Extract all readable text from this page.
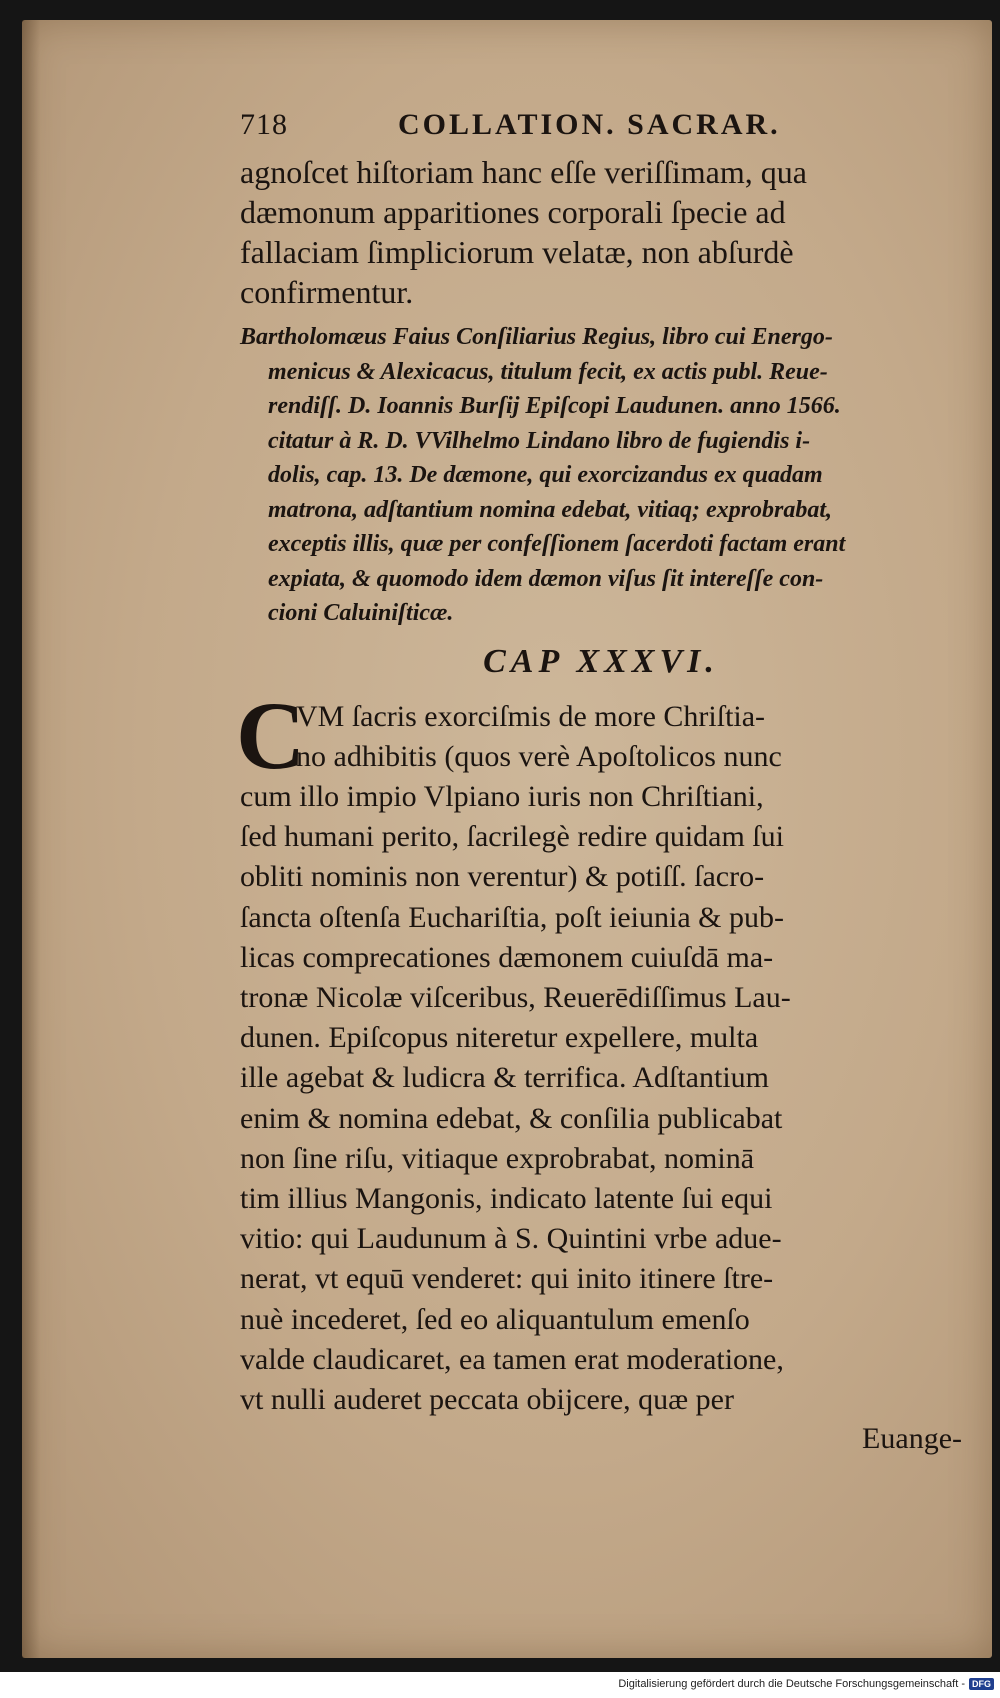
718	COLLATION. SACRAR.

agnoſcet hiſtoriam hanc eſſe veriſſimam, qua
dæmonum apparitiones corporali ſpecie ad
fallaciam ſimpliciorum velatæ, non abſurdè
confirmentur.

Bartholomæus Faius Conſiliarius Regius, libro cui Energo-
menicus & Alexicacus, titulum fecit, ex actis publ. Reue-
rendiſſ. D. Ioannis Burſij Epiſcopi Laudunen. anno 1566.
citatur à R. D. VVilhelmo Lindano libro de fugiendis i-
dolis, cap. 13. De dæmone, qui exorcizandus ex quadam
matrona, adſtantium nomina edebat, vitiaq; exprobrabat,
exceptis illis, quæ per confeſſionem ſacerdoti factam erant
expiata, & quomodo idem dæmon viſus ſit intereſſe con-
cioni Caluiniſticæ.
CAP XXXVI.
C
VM ſacris exorciſmis de more Chriſtia-
no adhibitis (quos verè Apoſtolicos nunc
cum illo impio Vlpiano iuris non Chriſtiani,
ſed humani perito, ſacrilegè redire quidam ſui
obliti nominis non verentur) & potiſſ. ſacro-
ſancta oſtenſa Euchariſtia, poſt ieiunia & pub-
licas comprecationes dæmonem cuiuſdā ma-
tronæ Nicolæ viſceribus, Reuerēdiſſimus Lau-
dunen. Epiſcopus niteretur expellere, multa
ille agebat & ludicra & terrifica. Adſtantium
enim & nomina edebat, & conſilia publicabat
non ſine riſu, vitiaque exprobrabat, nominā
tim illius Mangonis, indicato latente ſui equi
vitio: qui Laudunum à S. Quintini vrbe adue-
nerat, vt equū venderet: qui inito itinere ſtre-
nuè incederet, ſed eo aliquantulum emenſo
valde claudicaret, ea tamen erat moderatione,
vt nulli auderet peccata obijcere, quæ per
Euange-
Digitalisierung gefördert durch die Deutsche Forschungsgemeinschaft - DFG
